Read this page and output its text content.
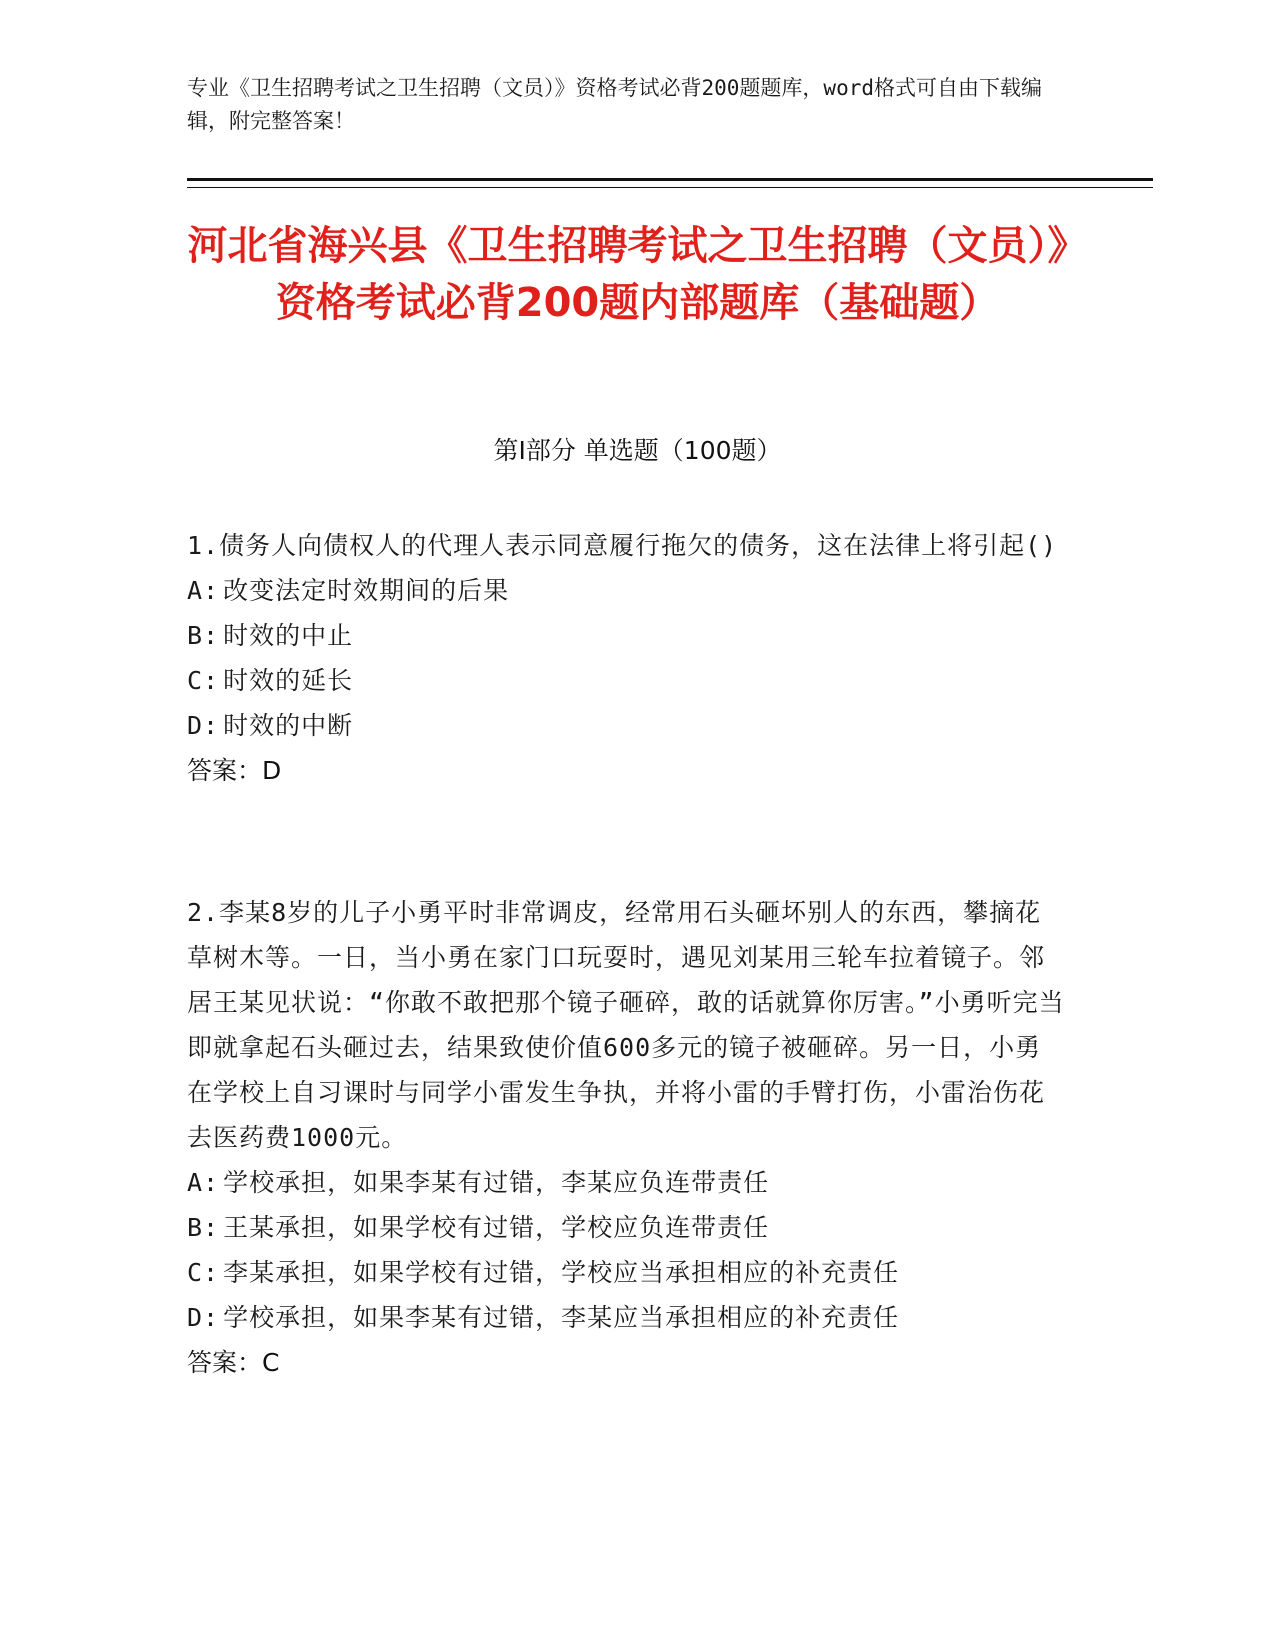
专业《卫生招聘考试之卫生招聘（文员）》资格考试必背200题题库，word格式可自由下载编辑，附完整答案！
河北省海兴县《卫生招聘考试之卫生招聘（文员）》资格考试必背200题内部题库（基础题）
第Ⅰ部分 单选题（100题）

1.债务人向债权人的代理人表示同意履行拖欠的债务，这在法律上将引起()

A: 改变法定时效期间的后果

B: 时效的中止

C: 时效的延长

D: 时效的中断

答案：D

2.李某8岁的儿子小勇平时非常调皮，经常用石头砸坏别人的东西，攀摘花草树木等。一日，当小勇在家门口玩耍时，遇见刘某用三轮车拉着镜子。邻居王某见状说：“你敢不敢把那个镜子砸碎，敢的话就算你厉害。”小勇听完当即就拿起石头砸过去，结果致使价值600多元的镜子被砸碎。另一日，小勇在学校上自习课时与同学小雷发生争执，并将小雷的手臂打伤，小雷治伤花去医药费1000元。

A: 学校承担，如果李某有过错，李某应负连带责任

B: 王某承担，如果学校有过错，学校应负连带责任

C: 李某承担，如果学校有过错，学校应当承担相应的补充责任

D: 学校承担，如果李某有过错，李某应当承担相应的补充责任

答案：C
